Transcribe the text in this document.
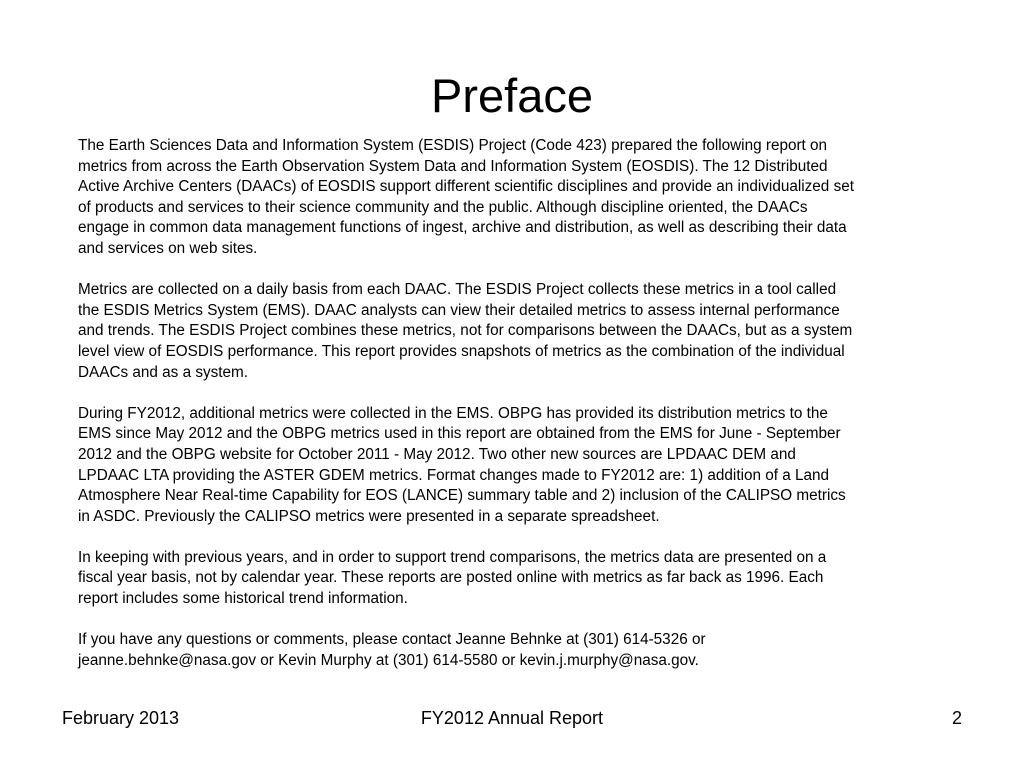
Preface

The Earth Sciences Data and Information System (ESDIS) Project (Code 423) prepared the following report on
metrics from across the Earth Observation System Data and Information System (EOSDIS). The 12 Distributed
Active Archive Centers (DAACs) of EOSDIS support different scientific disciplines and provide an individualized set
of products and services to their science community and the public. Although discipline oriented, the DAACs
engage in common data management functions of ingest, archive and distribution, as well as describing their data
and services on web sites.

Metrics are collected on a daily basis from each DAAC. The ESDIS Project collects these metrics in a tool called
the ESDIS Metrics System (EMS). DAAC analysts can view their detailed metrics to assess internal performance
and trends. The ESDIS Project combines these metrics, not for comparisons between the DAACs, but as a system
level view of EOSDIS performance. This report provides snapshots of metrics as the combination of the individual
DAACs and as a system.

During FY2012, additional metrics were collected in the EMS. OBPG has provided its distribution metrics to the
EMS since May 2012 and the OBPG metrics used in this report are obtained from the EMS for June - September
2012 and the OBPG website for October 2011 - May 2012. Two other new sources are LPDAAC DEM and
LPDAAC LTA providing the ASTER GDEM metrics. Format changes made to FY2012 are: 1) addition of a Land
Atmosphere Near Real-time Capability for EOS (LANCE) summary table and 2) inclusion of the CALIPSO metrics
in ASDC. Previously the CALIPSO metrics were presented in a separate spreadsheet.

In keeping with previous years, and in order to support trend comparisons, the metrics data are presented on a
fiscal year basis, not by calendar year. These reports are posted online with metrics as far back as 1996. Each
report includes some historical trend information.

If you have any questions or comments, please contact Jeanne Behnke at (301) 614-5326 or
jeanne.behnke@nasa.gov or Kevin Murphy at (301) 614-5580 or kevin.j.murphy@nasa.gov.

February 2013	FY2012 Annual Report	2
